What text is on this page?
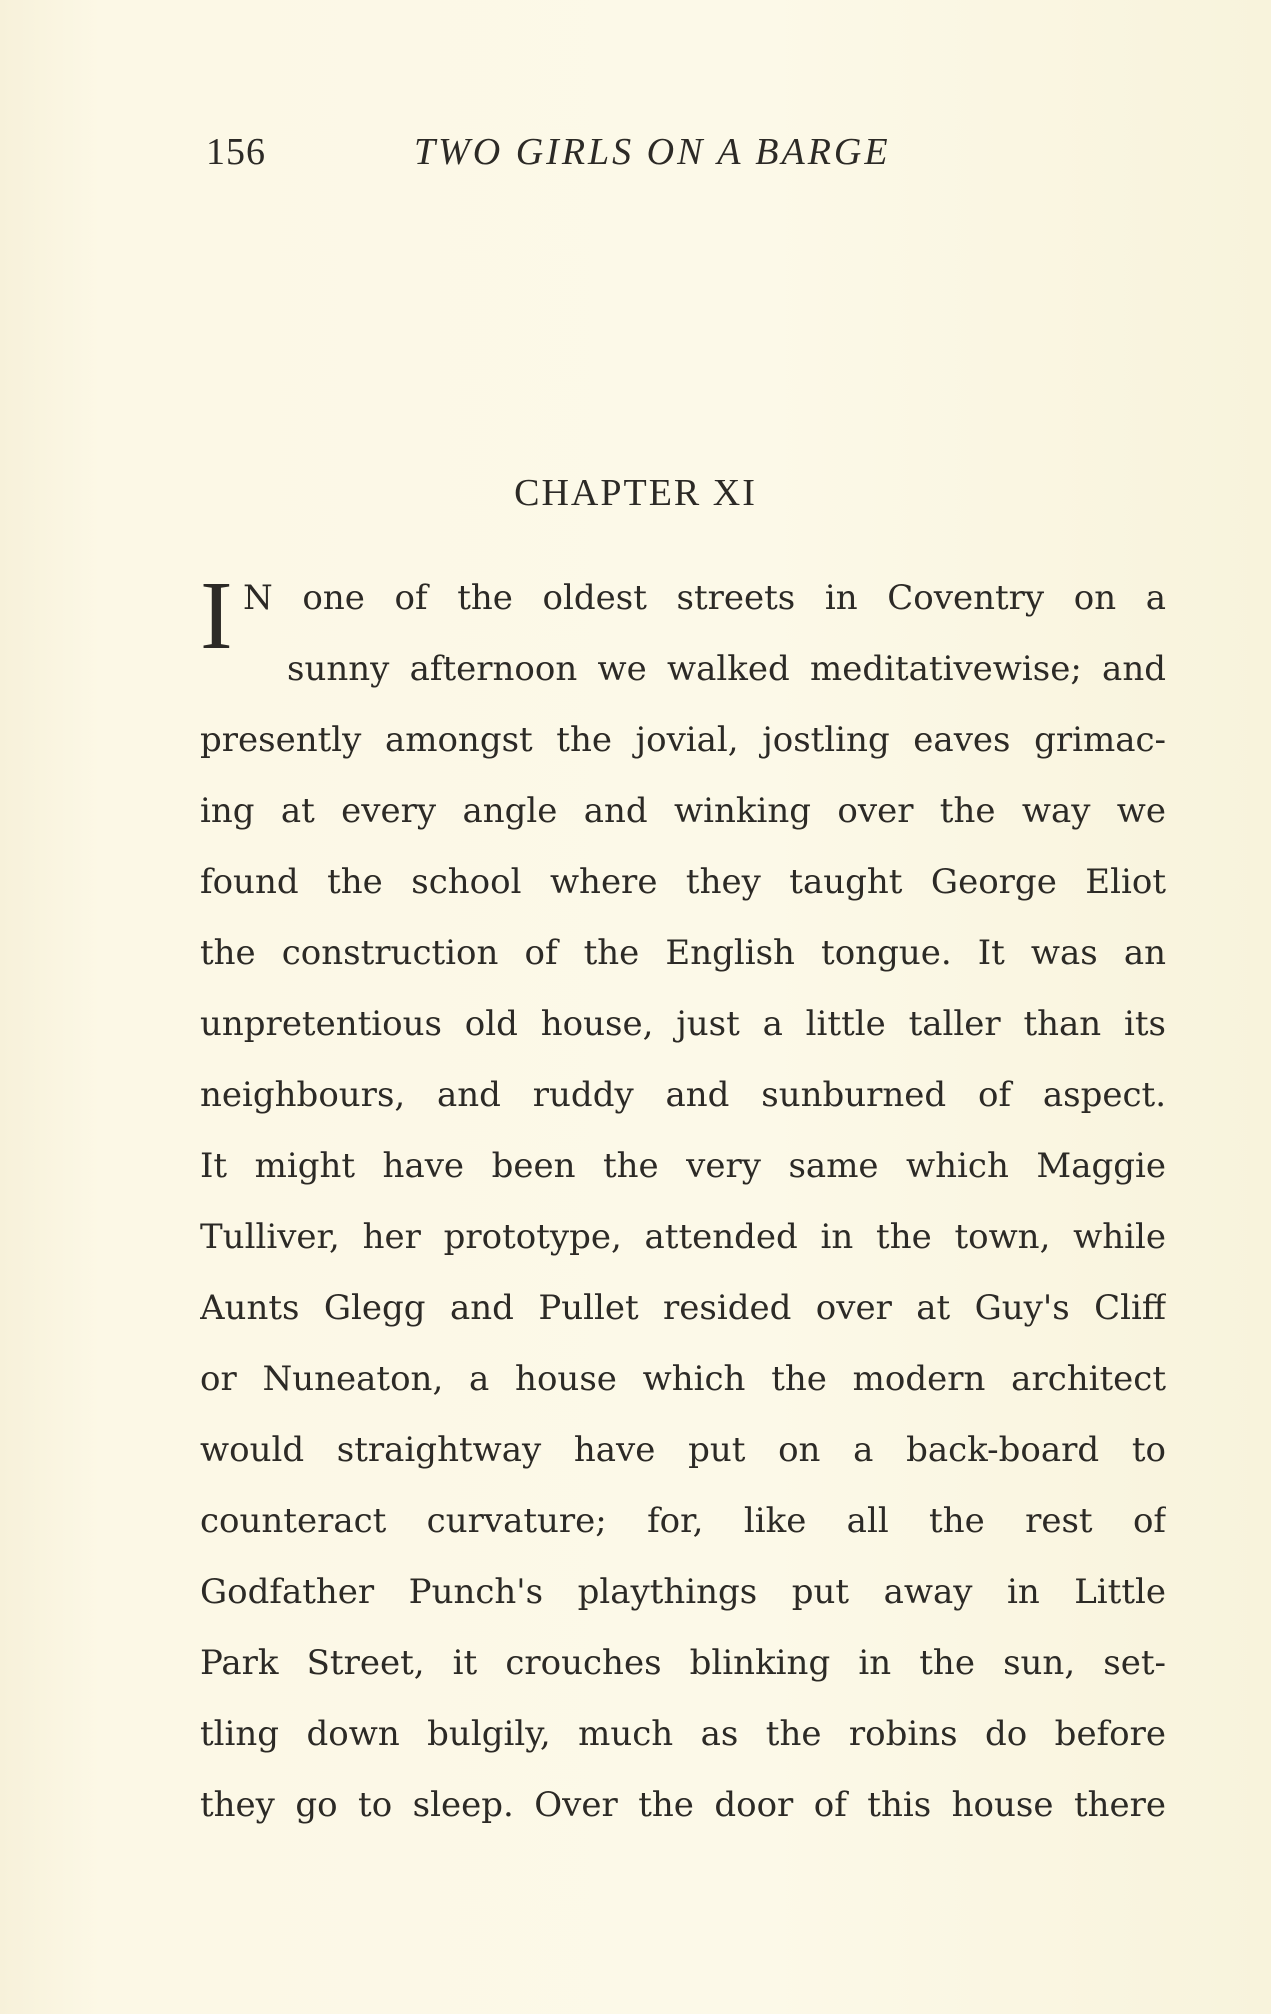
156	TWO GIRLS ON A BARGE
CHAPTER XI
I N one of the oldest streets in Coventry on a
sunny afternoon we walked meditativewise; and
presently amongst the jovial, jostling eaves grimac-
ing at every angle and winking over the way we
found the school where they taught George Eliot
the construction of the English tongue. It was an
unpretentious old house, just a little taller than its
neighbours, and ruddy and sunburned of aspect.
It might have been the very same which Maggie
Tulliver, her prototype, attended in the town, while
Aunts Glegg and Pullet resided over at Guy's Cliff
or Nuneaton, a house which the modern architect
would straightway have put on a back-board to
counteract curvature; for, like all the rest of
Godfather Punch's playthings put away in Little
Park Street, it crouches blinking in the sun, set-
tling down bulgily, much as the robins do before
they go to sleep. Over the door of this house there
